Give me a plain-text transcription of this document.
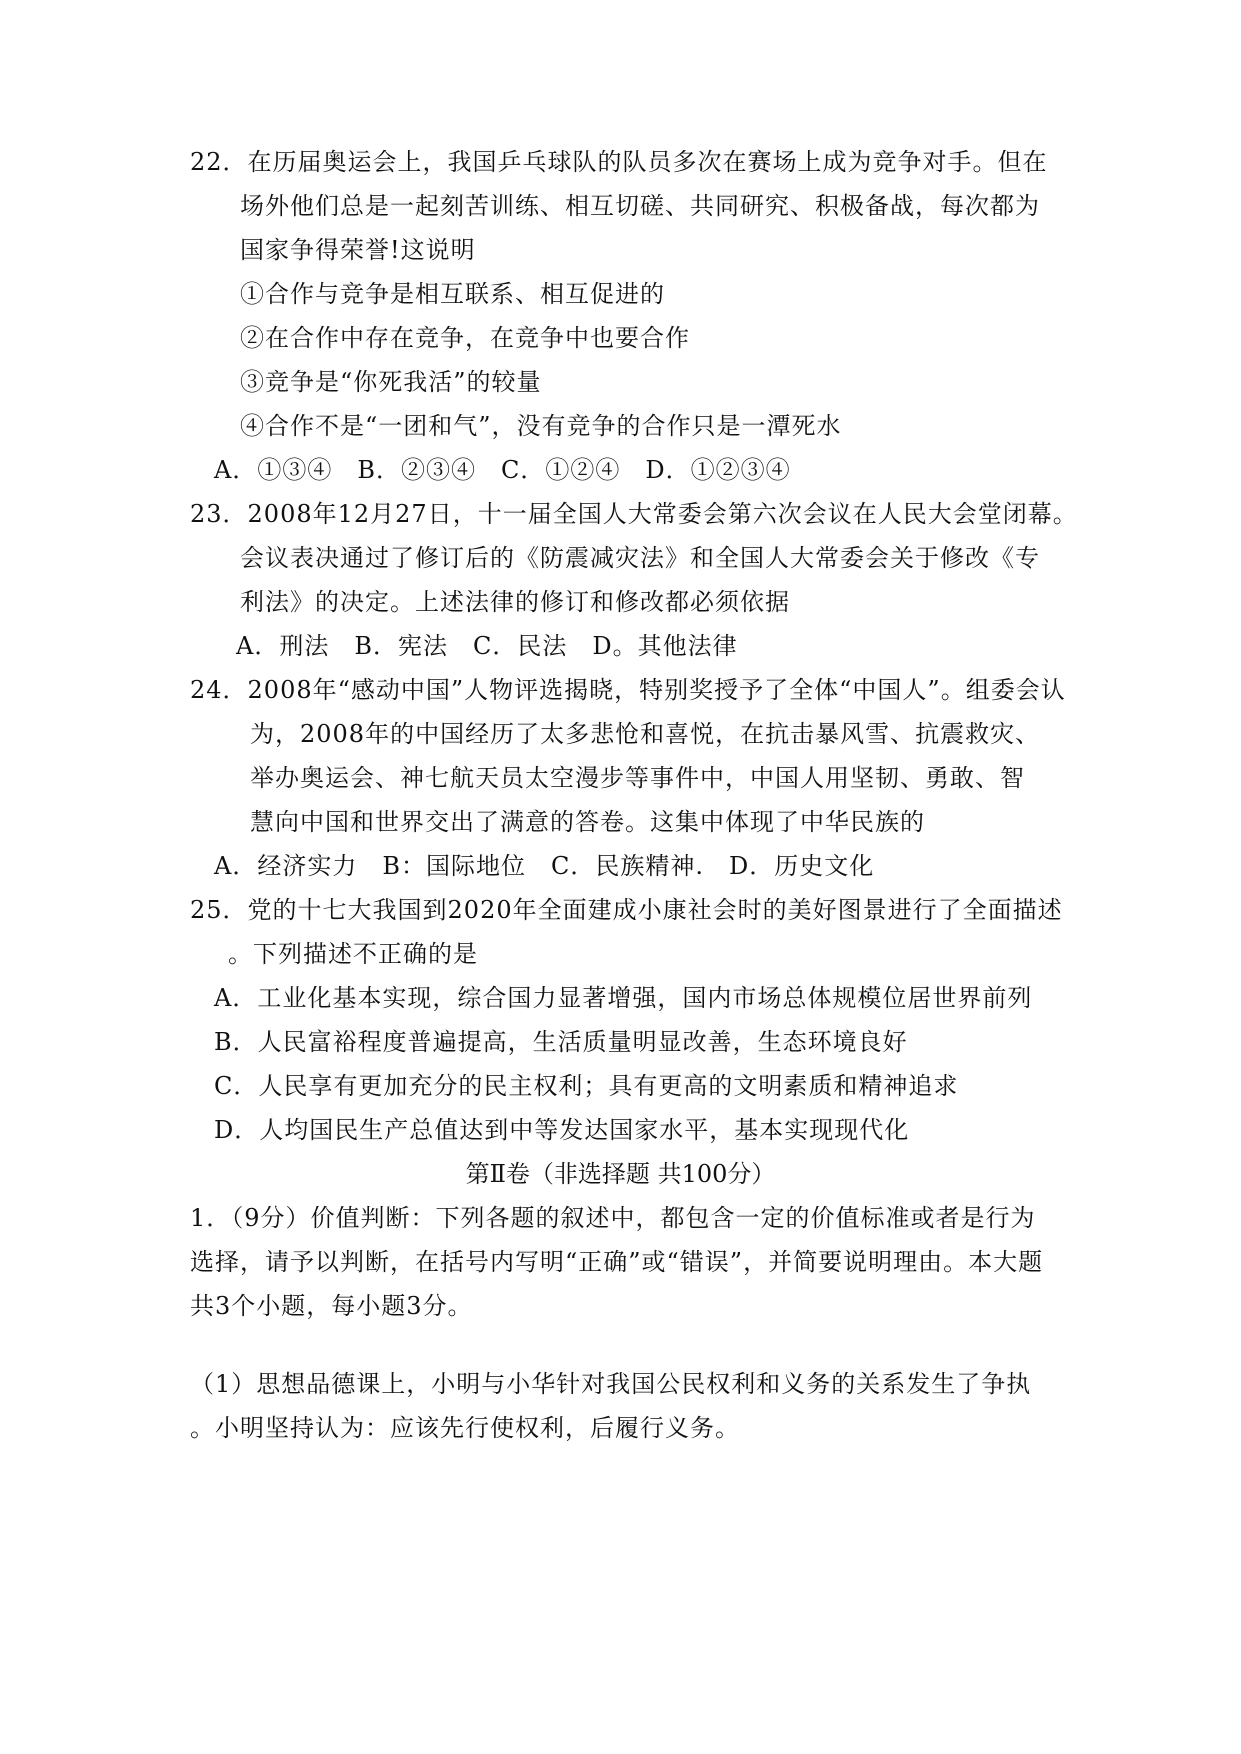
22．在历届奥运会上，我国乒乓球队的队员多次在赛场上成为竞争对手。但在
场外他们总是一起刻苦训练、相互切磋、共同研究、积极备战，每次都为
国家争得荣誉!这说明
①合作与竞争是相互联系、相互促进的
②在合作中存在竞争，在竞争中也要合作
③竞争是“你死我活”的较量
④合作不是“一团和气”，没有竞争的合作只是一潭死水
A．①③④　B．②③④　C．①②④　D．①②③④
23．2008年12月27日，十一届全国人大常委会第六次会议在人民大会堂闭幕。
会议表决通过了修订后的《防震减灾法》和全国人大常委会关于修改《专
利法》的决定。上述法律的修订和修改都必须依据
A．刑法　B．宪法　C．民法　D。其他法律
24．2008年“感动中国”人物评选揭晓，特别奖授予了全体“中国人”。组委会认
为，2008年的中国经历了太多悲怆和喜悦，在抗击暴风雪、抗震救灾、
举办奥运会、神七航天员太空漫步等事件中，中国人用坚韧、勇敢、智
慧向中国和世界交出了满意的答卷。这集中体现了中华民族的
A．经济实力　B：国际地位　C．民族精神.　D．历史文化
25．党的十七大我国到2020年全面建成小康社会时的美好图景进行了全面描述
。下列描述不正确的是
A．工业化基本实现，综合国力显著增强，国内市场总体规模位居世界前列
B．人民富裕程度普遍提高，生活质量明显改善，生态环境良好
C．人民享有更加充分的民主权利；具有更高的文明素质和精神追求
D．人均国民生产总值达到中等发达国家水平，基本实现现代化
第Ⅱ卷（非选择题 共100分）
1．（9分）价值判断：下列各题的叙述中，都包含一定的价值标准或者是行为
选择，请予以判断，在括号内写明“正确”或“错误”，并简要说明理由。本大题
共3个小题，每小题3分。
（1）思想品德课上，小明与小华针对我国公民权利和义务的关系发生了争执
。小明坚持认为：应该先行使权利，后履行义务。
